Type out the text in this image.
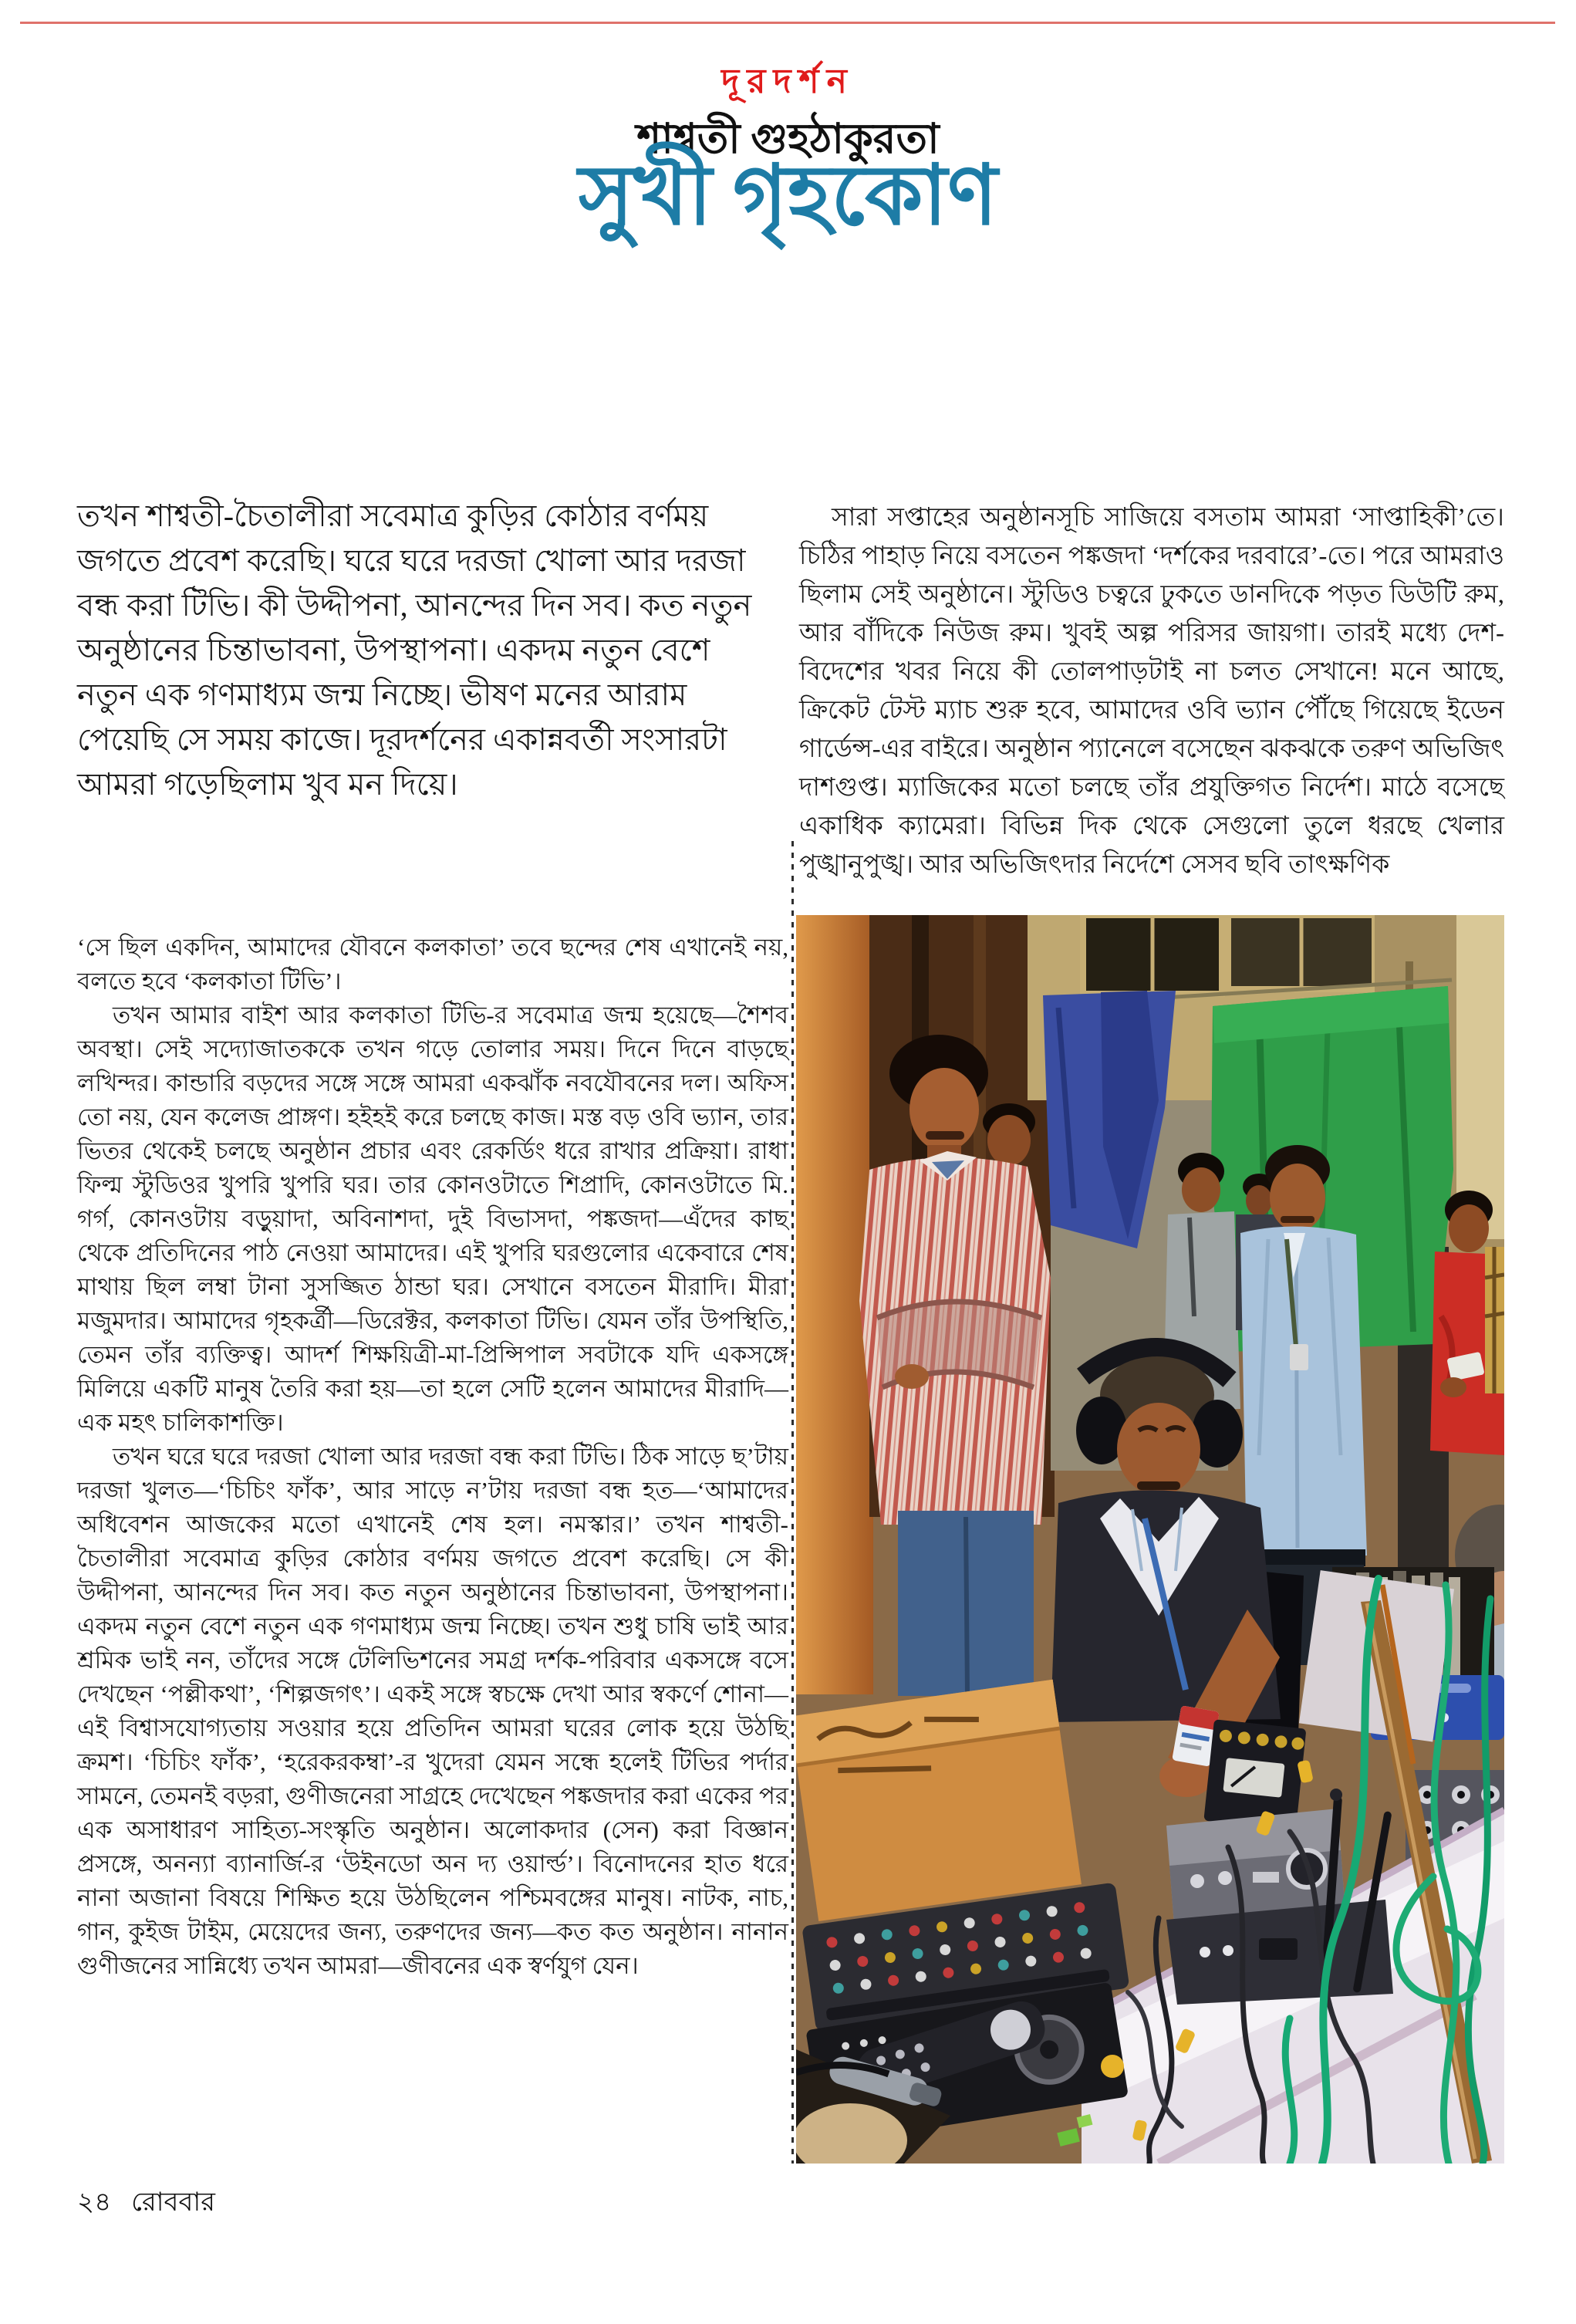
দূরদর্শন
শাশ্বতী গুহঠাকুরতা
সুখী গৃহকোণ
তখন শাশ্বতী-চৈতালীরা সবেমাত্র কুড়ির কোঠার বর্ণময় জগতে প্রবেশ করেছি। ঘরে ঘরে দরজা খোলা আর দরজা বন্ধ করা টিভি। কী উদ্দীপনা, আনন্দের দিন সব। কত নতুন অনুষ্ঠানের চিন্তাভাবনা, উপস্থাপনা। একদম নতুন বেশে নতুন এক গণমাধ্যম জন্ম নিচ্ছে। ভীষণ মনের আরাম পেয়েছি সে সময় কাজে। দূরদর্শনের একান্নবর্তী সংসারটা আমরা গড়েছিলাম খুব মন দিয়ে।
সারা সপ্তাহের অনুষ্ঠানসূচি সাজিয়ে বসতাম আমরা ‘সাপ্তাহিকী’তে। চিঠির পাহাড় নিয়ে বসতেন পঙ্কজদা ‘দর্শকের দরবারে’-তে। পরে আমরাও ছিলাম সেই অনুষ্ঠানে। স্টুডিও চত্বরে ঢুকতে ডানদিকে পড়ত ডিউটি রুম, আর বাঁদিকে নিউজ রুম। খুবই অল্প পরিসর জায়গা। তারই মধ্যে দেশ-বিদেশের খবর নিয়ে কী তোলপাড়টাই না চলত সেখানে! মনে আছে, ক্রিকেট টেস্ট ম্যাচ শুরু হবে, আমাদের ওবি ভ্যান পৌঁছে গিয়েছে ইডেন গার্ডেন্স-এর বাইরে। অনুষ্ঠান প্যানেলে বসেছেন ঝকঝকে তরুণ অভিজিৎ দাশগুপ্ত। ম্যাজিকের মতো চলছে তাঁর প্রযুক্তিগত নির্দেশ। মাঠে বসেছে একাধিক ক্যামেরা। বিভিন্ন দিক থেকে সেগুলো তুলে ধরছে খেলার পুঙ্খানুপুঙ্খ। আর অভিজিৎদার নির্দেশে সেসব ছবি তাৎক্ষণিক

‘সে ছিল একদিন, আমাদের যৌবনে কলকাতা’ তবে ছন্দের শেষ এখানেই নয়, বলতে হবে ‘কলকাতা টিভি’।

তখন আমার বাইশ আর কলকাতা টিভি-র সবেমাত্র জন্ম হয়েছে—শৈশব অবস্থা। সেই সদ্যোজাতককে তখন গড়ে তোলার সময়। দিনে দিনে বাড়ছে লখিন্দর। কান্ডারি বড়দের সঙ্গে সঙ্গে আমরা একঝাঁক নবযৌবনের দল। অফিস তো নয়, যেন কলেজ প্রাঙ্গণ। হইহই করে চলছে কাজ। মস্ত বড় ওবি ভ্যান, তার ভিতর থেকেই চলছে অনুষ্ঠান প্রচার এবং রেকর্ডিং ধরে রাখার প্রক্রিয়া। রাধা ফিল্ম স্টুডিওর খুপরি খুপরি ঘর। তার কোনওটাতে শিপ্রাদি, কোনওটাতে মি. গর্গ, কোনওটায় বড়ুয়াদা, অবিনাশদা, দুই বিভাসদা, পঙ্কজদা—এঁদের কাছ থেকে প্রতিদিনের পাঠ নেওয়া আমাদের। এই খুপরি ঘরগুলোর একেবারে শেষ মাথায় ছিল লম্বা টানা সুসজ্জিত ঠান্ডা ঘর। সেখানে বসতেন মীরাদি। মীরা মজুমদার। আমাদের গৃহকর্ত্রী—ডিরেক্টর, কলকাতা টিভি। যেমন তাঁর উপস্থিতি, তেমন তাঁর ব্যক্তিত্ব। আদর্শ শিক্ষয়িত্রী-মা-প্রিন্সিপাল সবটাকে যদি একসঙ্গে মিলিয়ে একটি মানুষ তৈরি করা হয়—তা হলে সেটি হলেন আমাদের মীরাদি—এক মহৎ চালিকাশক্তি।

তখন ঘরে ঘরে দরজা খোলা আর দরজা বন্ধ করা টিভি। ঠিক সাড়ে ছ’টায় দরজা খুলত—‘চিচিং ফাঁক’, আর সাড়ে ন’টায় দরজা বন্ধ হত—‘আমাদের অধিবেশন আজকের মতো এখানেই শেষ হল। নমস্কার।’ তখন শাশ্বতী-চৈতালীরা সবেমাত্র কুড়ির কোঠার বর্ণময় জগতে প্রবেশ করেছি। সে কী উদ্দীপনা, আনন্দের দিন সব। কত নতুন অনুষ্ঠানের চিন্তাভাবনা, উপস্থাপনা। একদম নতুন বেশে নতুন এক গণমাধ্যম জন্ম নিচ্ছে। তখন শুধু চাষি ভাই আর শ্রমিক ভাই নন, তাঁদের সঙ্গে টেলিভিশনের সমগ্র দর্শক-পরিবার একসঙ্গে বসে দেখছেন ‘পল্লীকথা’, ‘শিল্পজগৎ’। একই সঙ্গে স্বচক্ষে দেখা আর স্বকর্ণে শোনা—এই বিশ্বাসযোগ্যতায় সওয়ার হয়ে প্রতিদিন আমরা ঘরের লোক হয়ে উঠছি ক্রমশ। ‘চিচিং ফাঁক’, ‘হরেকরকম্বা’-র খুদেরা যেমন সন্ধে হলেই টিভির পর্দার সামনে, তেমনই বড়রা, গুণীজনেরা সাগ্রহে দেখেছেন পঙ্কজদার করা একের পর এক অসাধারণ সাহিত্য-সংস্কৃতি অনুষ্ঠান। অলোকদার (সেন) করা বিজ্ঞান প্রসঙ্গে, অনন্যা ব্যানার্জি-র ‘উইনডো অন দ্য ওয়ার্ল্ড’। বিনোদনের হাত ধরে নানা অজানা বিষয়ে শিক্ষিত হয়ে উঠছিলেন পশ্চিমবঙ্গের মানুষ। নাটক, নাচ, গান, কুইজ টাইম, মেয়েদের জন্য, তরুণদের জন্য—কত কত অনুষ্ঠান। নানান গুণীজনের সান্নিধ্যে তখন আমরা—জীবনের এক স্বর্ণযুগ যেন।

২৪ রোববার
